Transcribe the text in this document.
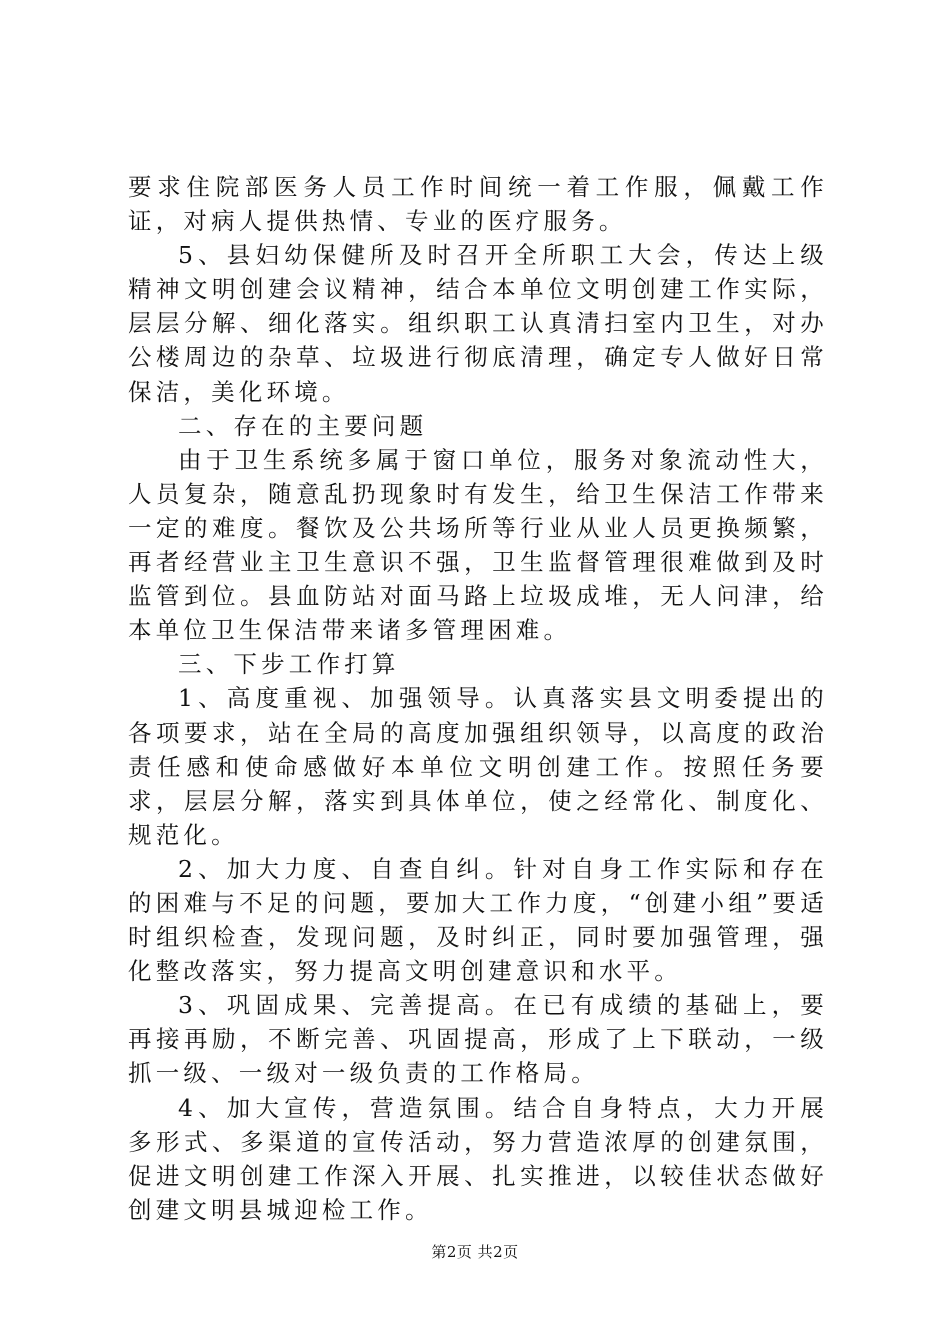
要求住院部医务人员工作时间统一着工作服，佩戴工作证，对病人提供热情、专业的医疗服务。

5、县妇幼保健所及时召开全所职工大会，传达上级精神文明创建会议精神，结合本单位文明创建工作实际，层层分解、细化落实。组织职工认真清扫室内卫生，对办公楼周边的杂草、垃圾进行彻底清理，确定专人做好日常保洁，美化环境。

二、存在的主要问题

由于卫生系统多属于窗口单位，服务对象流动性大，人员复杂，随意乱扔现象时有发生，给卫生保洁工作带来一定的难度。餐饮及公共场所等行业从业人员更换频繁，再者经营业主卫生意识不强，卫生监督管理很难做到及时监管到位。县血防站对面马路上垃圾成堆，无人问津，给本单位卫生保洁带来诸多管理困难。

三、下步工作打算

1、高度重视、加强领导。认真落实县文明委提出的各项要求，站在全局的高度加强组织领导，以高度的政治责任感和使命感做好本单位文明创建工作。按照任务要求，层层分解，落实到具体单位，使之经常化、制度化、规范化。

2、加大力度、自查自纠。针对自身工作实际和存在的困难与不足的问题，要加大工作力度，“创建小组”要适时组织检查，发现问题，及时纠正，同时要加强管理，强化整改落实，努力提高文明创建意识和水平。

3、巩固成果、完善提高。在已有成绩的基础上，要再接再励，不断完善、巩固提高，形成了上下联动，一级抓一级、一级对一级负责的工作格局。

4、加大宣传，营造氛围。结合自身特点，大力开展多形式、多渠道的宣传活动，努力营造浓厚的创建氛围，促进文明创建工作深入开展、扎实推进，以较佳状态做好创建文明县城迎检工作。

第2页 共2页
